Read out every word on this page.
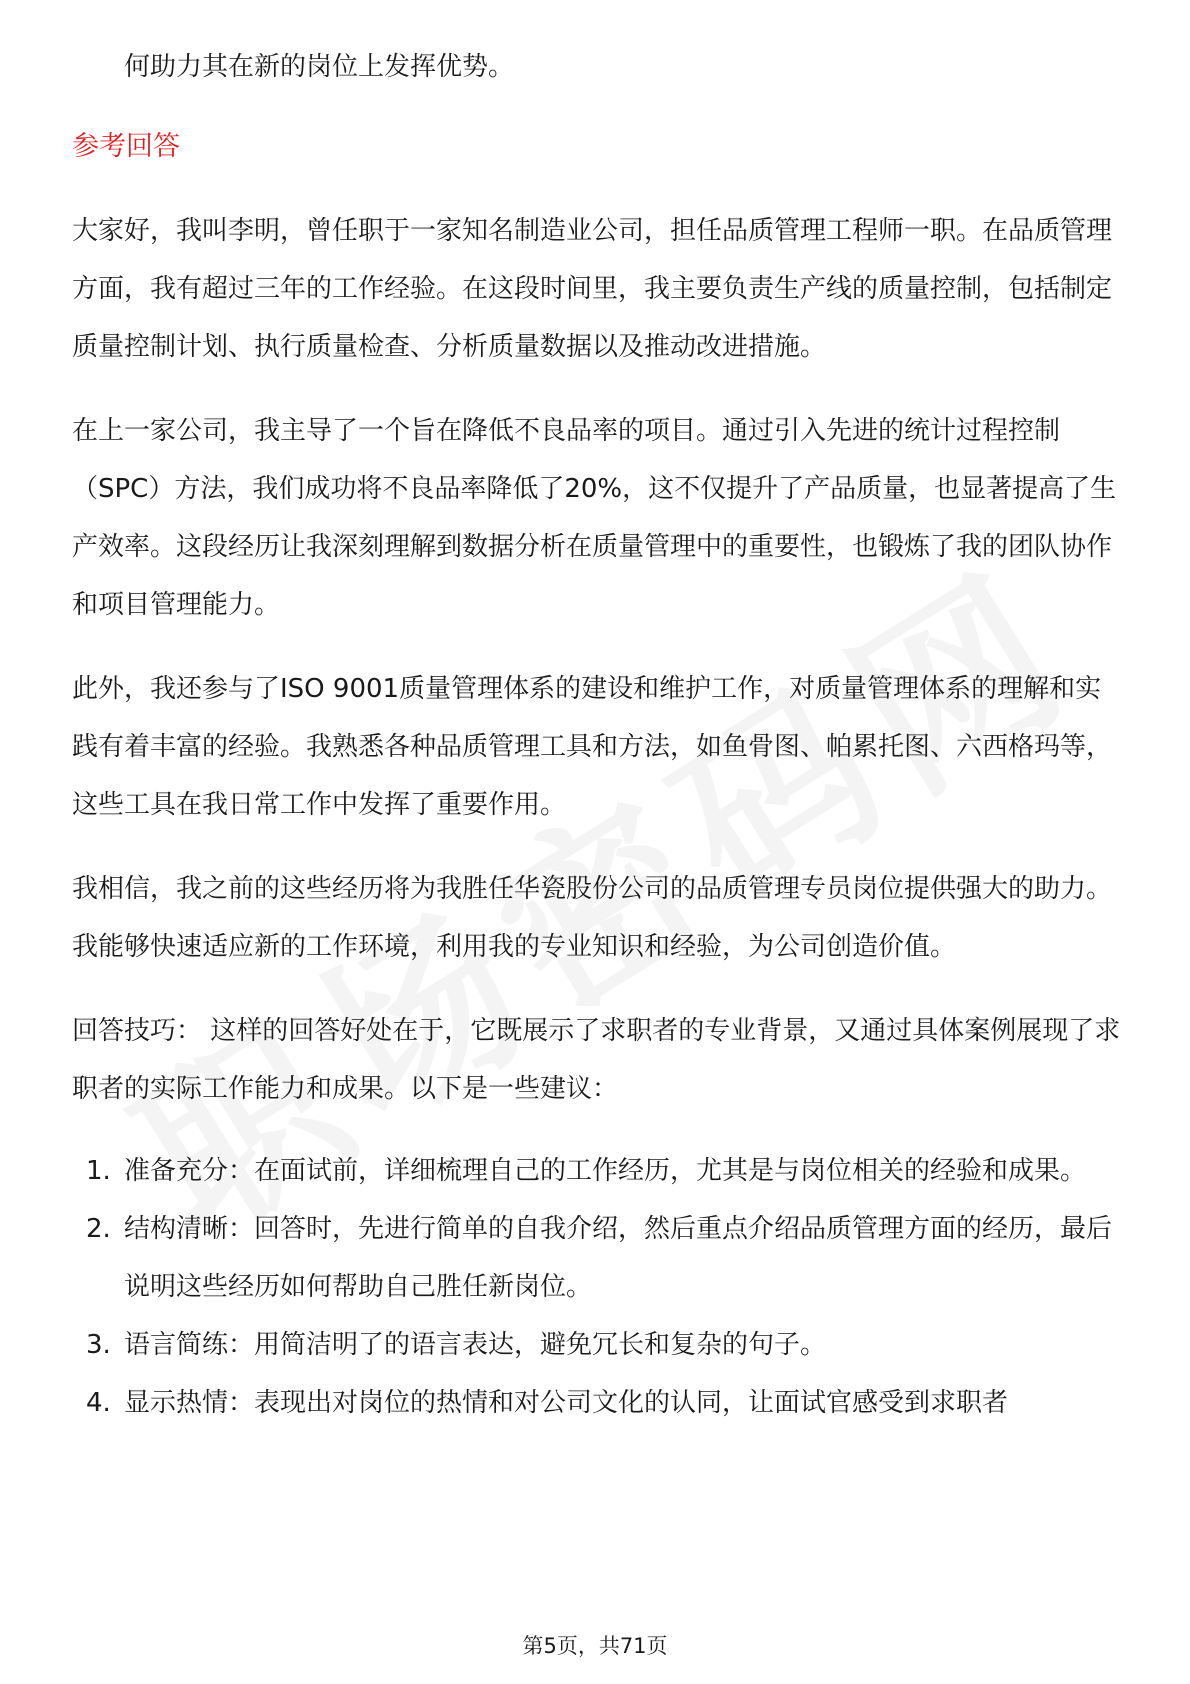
何助力其在新的岗位上发挥优势。

参考回答

大家好，我叫李明，曾任职于一家知名制造业公司，担任品质管理工程师一职。在品质管理方面，我有超过三年的工作经验。在这段时间里，我主要负责生产线的质量控制，包括制定质量控制计划、执行质量检查、分析质量数据以及推动改进措施。

在上一家公司，我主导了一个旨在降低不良品率的项目。通过引入先进的统计过程控制（SPC）方法，我们成功将不良品率降低了20%，这不仅提升了产品质量，也显著提高了生产效率。这段经历让我深刻理解到数据分析在质量管理中的重要性，也锻炼了我的团队协作和项目管理能力。

此外，我还参与了ISO 9001质量管理体系的建设和维护工作，对质量管理体系的理解和实践有着丰富的经验。我熟悉各种品质管理工具和方法，如鱼骨图、帕累托图、六西格玛等，这些工具在我日常工作中发挥了重要作用。

我相信，我之前的这些经历将为我胜任华瓷股份公司的品质管理专员岗位提供强大的助力。我能够快速适应新的工作环境，利用我的专业知识和经验，为公司创造价值。

回答技巧： 这样的回答好处在于，它既展示了求职者的专业背景，又通过具体案例展现了求职者的实际工作能力和成果。以下是一些建议：

1. 准备充分：在面试前，详细梳理自己的工作经历，尤其是与岗位相关的经验和成果。
2. 结构清晰：回答时，先进行简单的自我介绍，然后重点介绍品质管理方面的经历，最后说明这些经历如何帮助自己胜任新岗位。
3. 语言简练：用简洁明了的语言表达，避免冗长和复杂的句子。
4. 显示热情：表现出对岗位的热情和对公司文化的认同，让面试官感受到求职者
第5页，共71页
